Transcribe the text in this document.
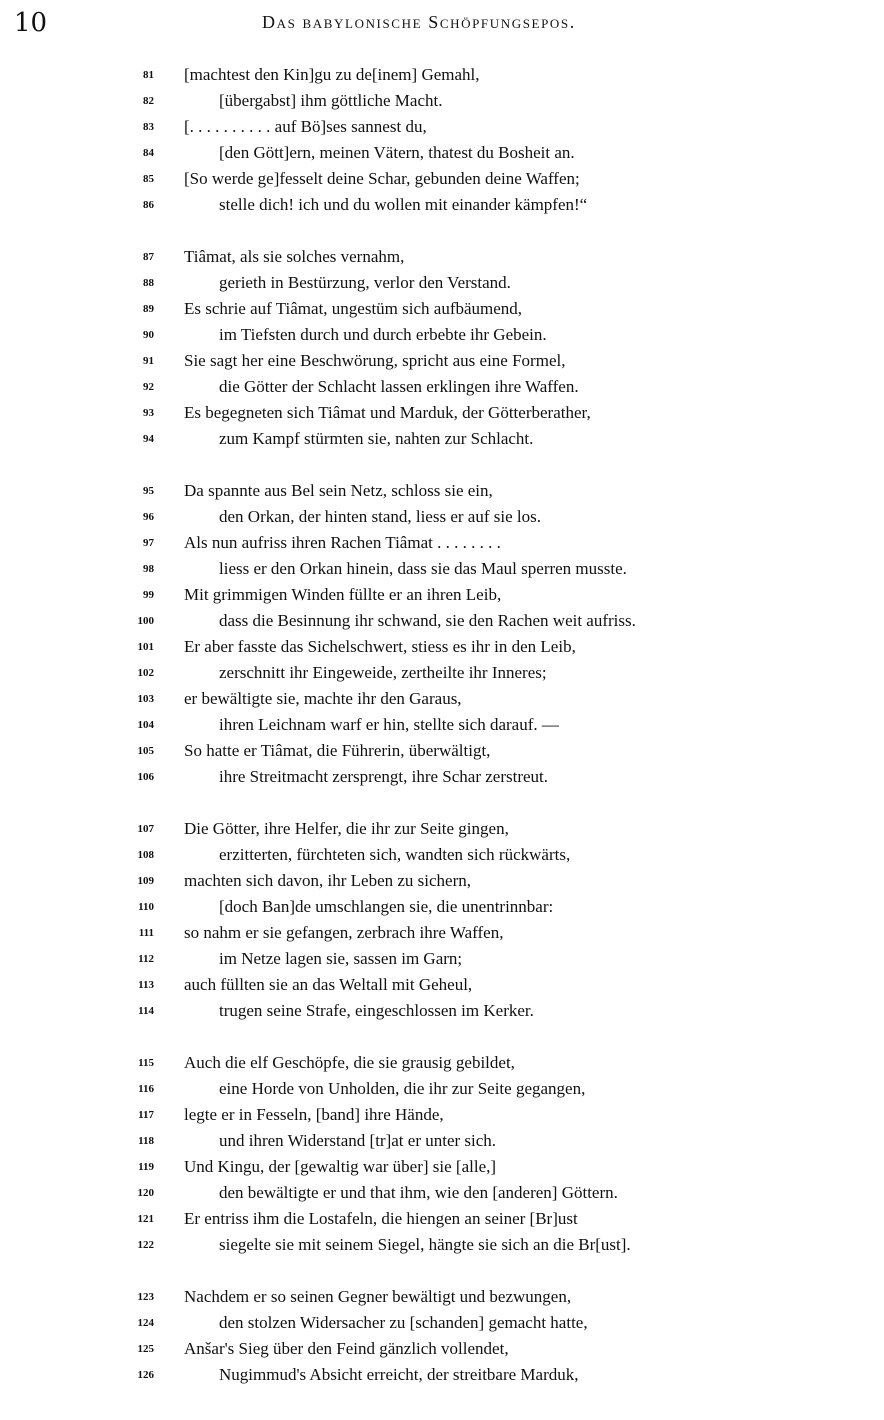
10	Das babylonische Schöpfungsepos.
81 [machtest den Kin]gu zu de[inem] Gemahl,
82	[übergabst] ihm göttliche Macht.
83 [. . . . . . . . . . auf Bö]ses sannest du,
84	[den Gött]ern, meinen Vätern, thatest du Bosheit an.
85 [So werde ge]fesselt deine Schar, gebunden deine Waffen;
86	stelle dich! ich und du wollen mit einander kämpfen!“
87 Tiâmat, als sie solches vernahm,
88	gerieth in Bestürzung, verlor den Verstand.
89 Es schrie auf Tiâmat, ungestüm sich aufbäumend,
90	im Tiefsten durch und durch erbebte ihr Gebein.
91 Sie sagt her eine Beschwörung, spricht aus eine Formel,
92	die Götter der Schlacht lassen erklingen ihre Waffen.
93 Es begegneten sich Tiâmat und Marduk, der Götterberather,
94	zum Kampf stürmten sie, nahten zur Schlacht.
95 Da spannte aus Bel sein Netz, schloss sie ein,
96	den Orkan, der hinten stand, liess er auf sie los.
97 Als nun aufriss ihren Rachen Tiâmat . . . . . . . .
98	liess er den Orkan hinein, dass sie das Maul sperren musste.
99 Mit grimmigen Winden füllte er an ihren Leib,
100	dass die Besinnung ihr schwand, sie den Rachen weit aufriss.
101 Er aber fasste das Sichelschwert, stiess es ihr in den Leib,
102	zerschnitt ihr Eingeweide, zertheilte ihr Inneres;
103 er bewältigte sie, machte ihr den Garaus,
104	ihren Leichnam warf er hin, stellte sich darauf. —
105 So hatte er Tiâmat, die Führerin, überwältigt,
106	ihre Streitmacht zersprengt, ihre Schar zerstreut.
107 Die Götter, ihre Helfer, die ihr zur Seite gingen,
108	erzitterten, fürchteten sich, wandten sich rückwärts,
109 machten sich davon, ihr Leben zu sichern,
110	[doch Ban]de umschlangen sie, die unentrinnbar:
111 so nahm er sie gefangen, zerbrach ihre Waffen,
112	im Netze lagen sie, sassen im Garn;
113 auch füllten sie an das Weltall mit Geheul,
114	trugen seine Strafe, eingeschlossen im Kerker.
115 Auch die elf Geschöpfe, die sie grausig gebildet,
116	eine Horde von Unholden, die ihr zur Seite gegangen,
117 legte er in Fesseln, [band] ihre Hände,
118	und ihren Widerstand [tr]at er unter sich.
119 Und Kingu, der [gewaltig war über] sie [alle,]
120	den bewältigte er und that ihm, wie den [anderen] Göttern.
121 Er entriss ihm die Lostafeln, die hiengen an seiner [Br]ust
122	siegelte sie mit seinem Siegel, hängte sie sich an die Br[ust].
123 Nachdem er so seinen Gegner bewältigt und bezwungen,
124	den stolzen Widersacher zu [schanden] gemacht hatte,
125 Anšar's Sieg über den Feind gänzlich vollendet,
126	Nugimmud's Absicht erreicht, der streitbare Marduk,
